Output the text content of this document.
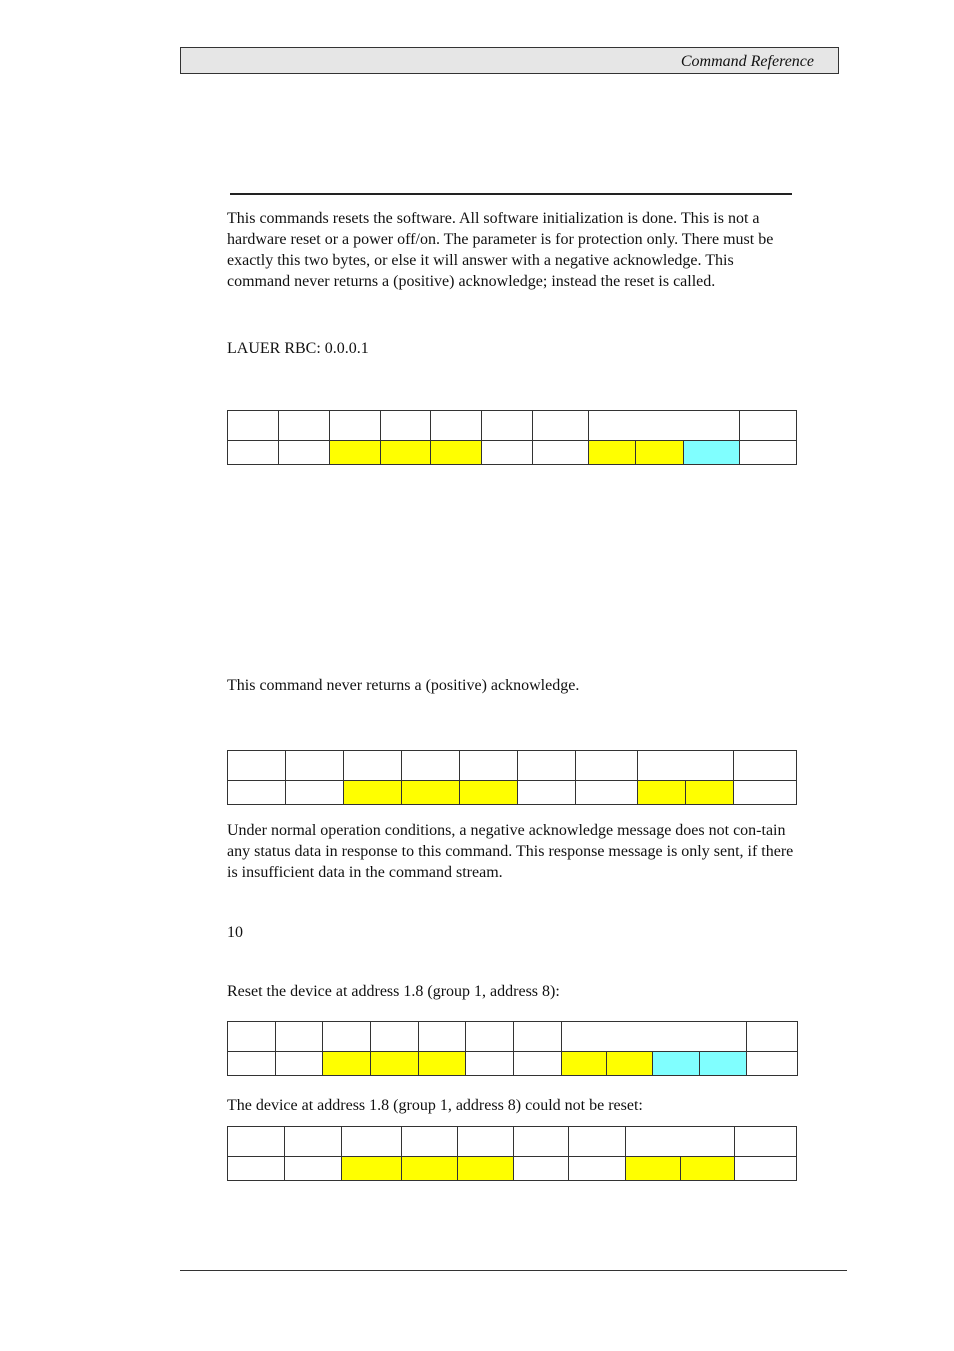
Command Reference
This commands resets the software. All software initialization is done. This is not a hardware reset or a power off/on. The parameter is for protection only. There must be exactly this two bytes, or else it will answer with a negative acknowledge. This command never returns a (positive) acknowledge; instead the reset is called.
LAUER RBC: 0.0.0.1

This command never returns a (positive) acknowledge.

Under normal operation conditions, a negative acknowledge message does not con-tain any status data in response to this command. This response message is only sent, if there is insufficient data in the command stream.
10
Reset the device at address 1.8 (group 1, address 8):

The device at address 1.8 (group 1, address 8) could not be reset:
